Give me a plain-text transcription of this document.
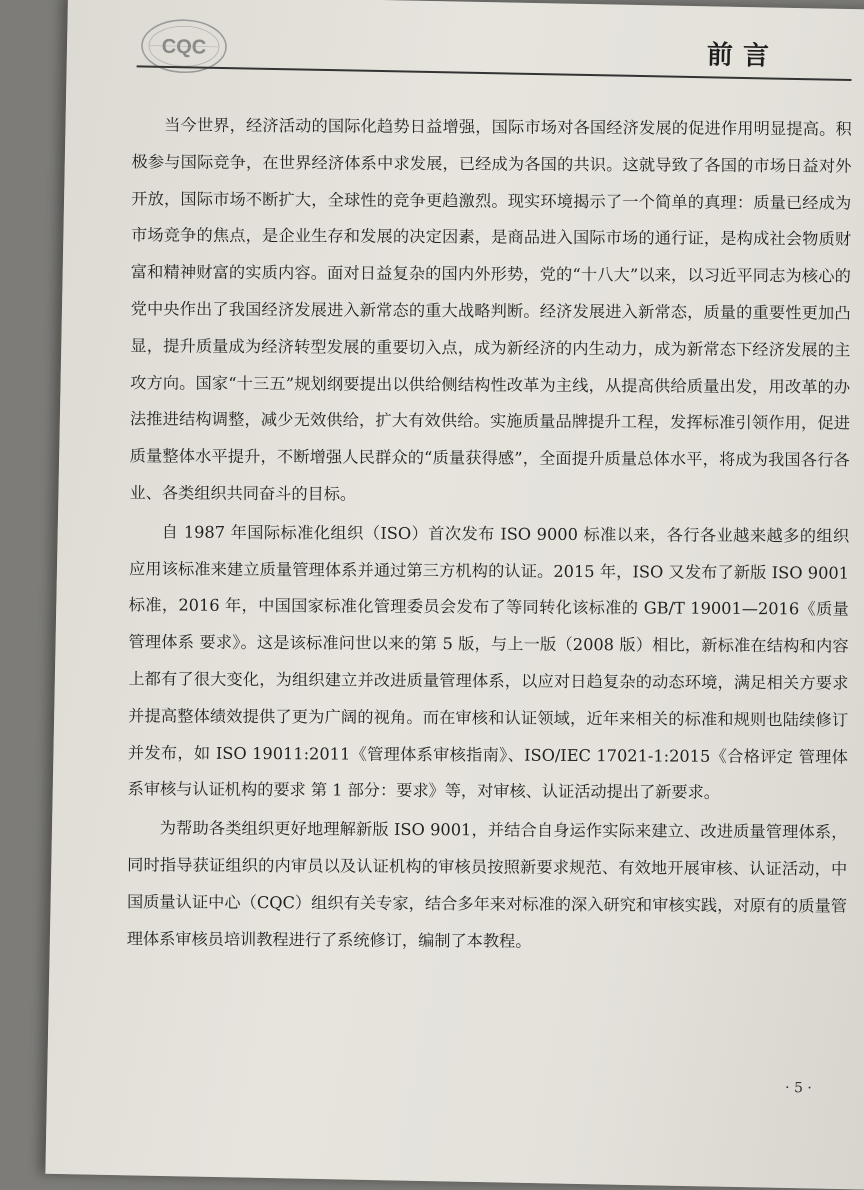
CQC	前言

当今世界，经济活动的国际化趋势日益增强，国际市场对各国经济发展的促进作用明显提高。积极参与国际竞争，在世界经济体系中求发展，已经成为各国的共识。这就导致了各国的市场日益对外开放，国际市场不断扩大，全球性的竞争更趋激烈。现实环境揭示了一个简单的真理：质量已经成为市场竞争的焦点，是企业生存和发展的决定因素，是商品进入国际市场的通行证，是构成社会物质财富和精神财富的实质内容。面对日益复杂的国内外形势，党的“十八大”以来，以习近平同志为核心的党中央作出了我国经济发展进入新常态的重大战略判断。经济发展进入新常态，质量的重要性更加凸显，提升质量成为经济转型发展的重要切入点，成为新经济的内生动力，成为新常态下经济发展的主攻方向。国家“十三五”规划纲要提出以供给侧结构性改革为主线，从提高供给质量出发，用改革的办法推进结构调整，减少无效供给，扩大有效供给。实施质量品牌提升工程，发挥标准引领作用，促进质量整体水平提升，不断增强人民群众的“质量获得感”，全面提升质量总体水平，将成为我国各行各业、各类组织共同奋斗的目标。

自 1987 年国际标准化组织（ISO）首次发布 ISO 9000 标准以来，各行各业越来越多的组织应用该标准来建立质量管理体系并通过第三方机构的认证。2015 年，ISO 又发布了新版 ISO 9001 标准，2016 年，中国国家标准化管理委员会发布了等同转化该标准的 GB/T 19001—2016《质量管理体系 要求》。这是该标准问世以来的第 5 版，与上一版（2008 版）相比，新标准在结构和内容上都有了很大变化，为组织建立并改进质量管理体系，以应对日趋复杂的动态环境，满足相关方要求并提高整体绩效提供了更为广阔的视角。而在审核和认证领域，近年来相关的标准和规则也陆续修订并发布，如 ISO 19011:2011《管理体系审核指南》、ISO/IEC 17021-1:2015《合格评定 管理体系审核与认证机构的要求 第 1 部分：要求》等，对审核、认证活动提出了新要求。

为帮助各类组织更好地理解新版 ISO 9001，并结合自身运作实际来建立、改进质量管理体系，同时指导获证组织的内审员以及认证机构的审核员按照新要求规范、有效地开展审核、认证活动，中国质量认证中心（CQC）组织有关专家，结合多年来对标准的深入研究和审核实践，对原有的质量管理体系审核员培训教程进行了系统修订，编制了本教程。

· 5 ·
